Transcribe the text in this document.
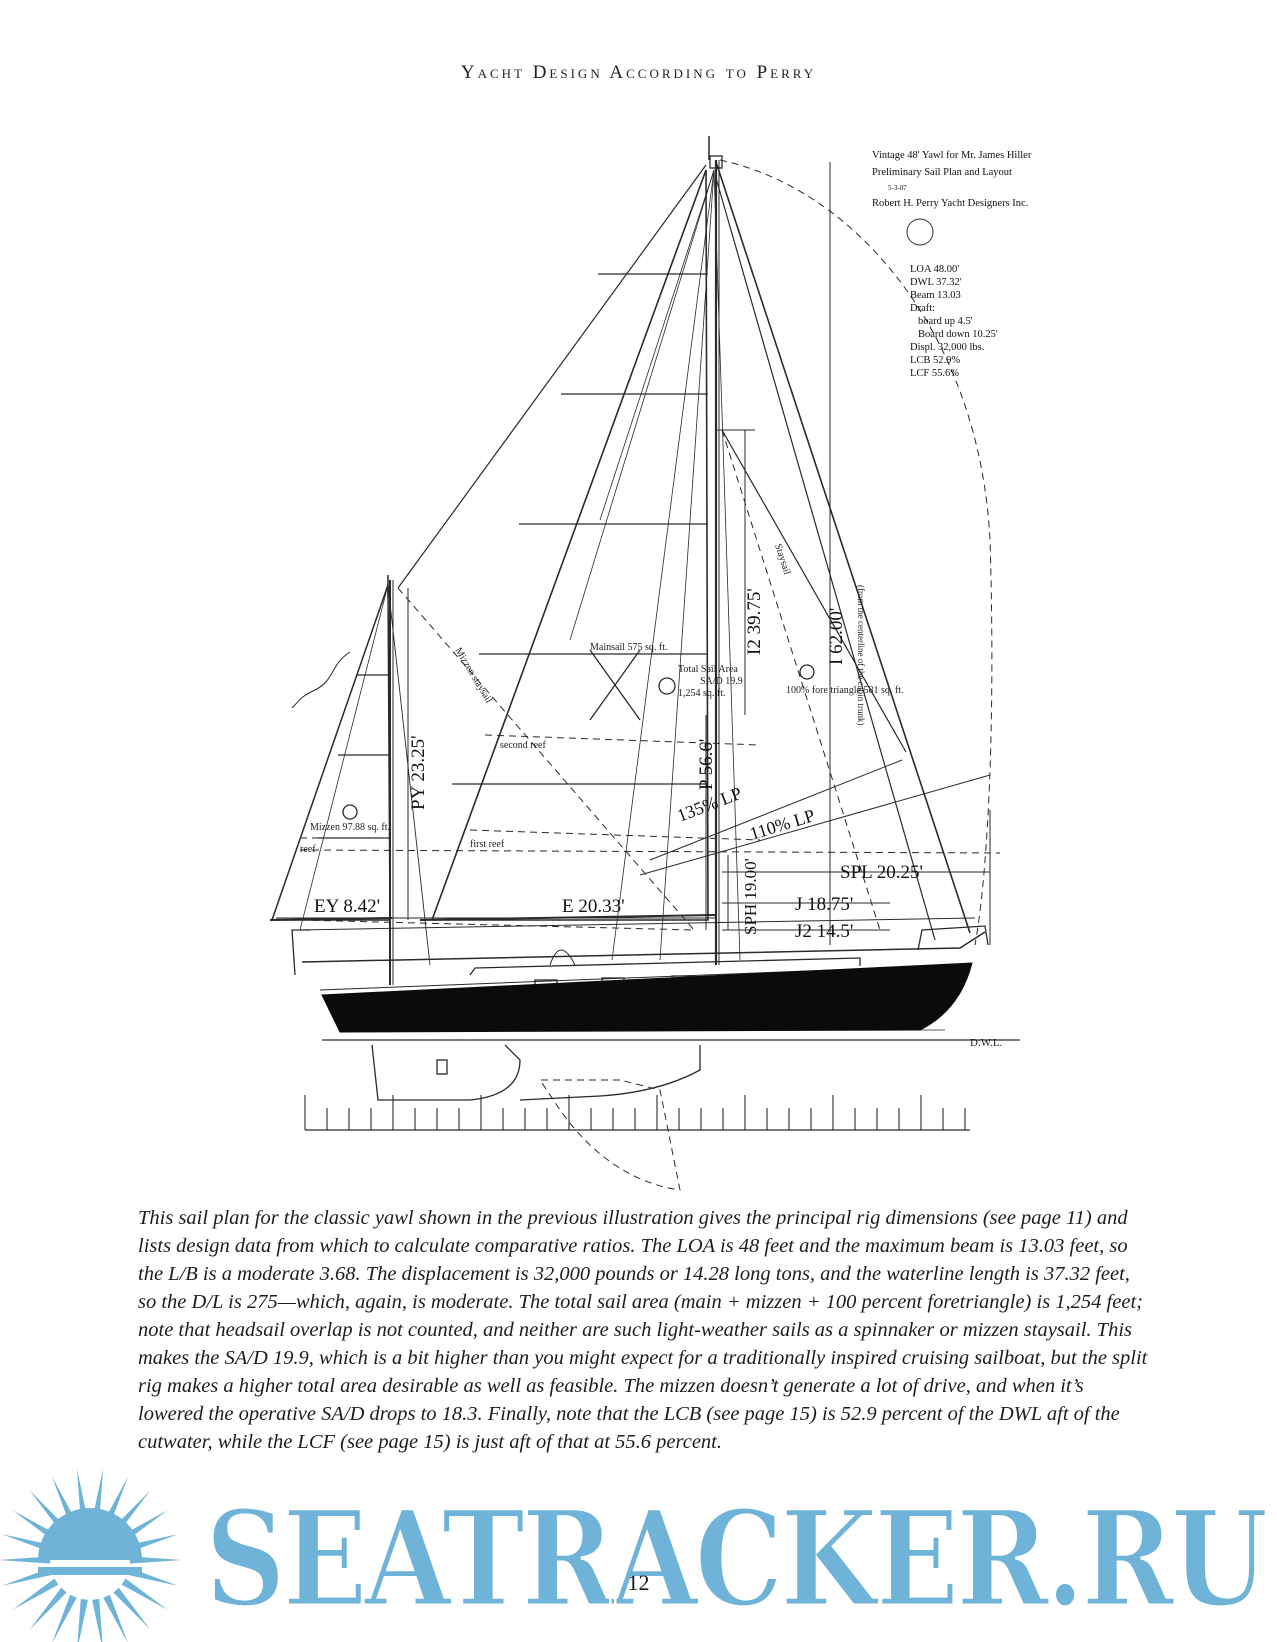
Yacht Design According to Perry
Vintage 48' Yawl for Mr. James Hiller
Preliminary Sail Plan and Layout
5-3-07
Robert H. Perry Yacht Designers Inc.
LOA 48.00'
DWL 37.32'
Beam 13.03
Draft:
board up 4.5'
Board down 10.25'
Displ. 32,000 lbs.
LCB 52.9%
LCF 55.6%
I 62.00' (from the centerline of the cabin trunk)
I2 39.75'
P 56.6'
PY 23.25'
SPH 19.00'
135% LP 110% LP
Mizzen staysail
Staysail
EY 8.42'	E 20.33'	J 18.75'
J2 14.5'
SPL 20.25'
Mainsail 575 sq. ft.
Mizzen 97.88 sq. ft.
100% fore triangle 581 sq. ft.
Total Sail Area
SA/D 19.9
1,254 sq. ft.
second reef
first reef
reef
D.W.L.

This sail plan for the classic yawl shown in the previous illustration gives the principal rig dimensions (see page 11) and lists design data from which to calculate comparative ratios. The LOA is 48 feet and the maximum beam is 13.03 feet, so the L/B is a moderate 3.68. The displacement is 32,000 pounds or 14.28 long tons, and the waterline length is 37.32 feet, so the D/L is 275—which, again, is moderate. The total sail area (main + mizzen + 100 percent foretriangle) is 1,254 feet; note that headsail overlap is not counted, and neither are such light-weather sails as a spinnaker or mizzen staysail. This makes the SA/D 19.9, which is a bit higher than you might expect for a traditionally inspired cruising sailboat, but the split rig makes a higher total area desirable as well as feasible. The mizzen doesn’t generate a lot of drive, and when it’s lowered the operative SA/D drops to 18.3. Finally, note that the LCB (see page 15) is 52.9 percent of the DWL aft of the cutwater, while the LCF (see page 15) is just aft of that at 55.6 percent.

SEATRACKER.RU
12
